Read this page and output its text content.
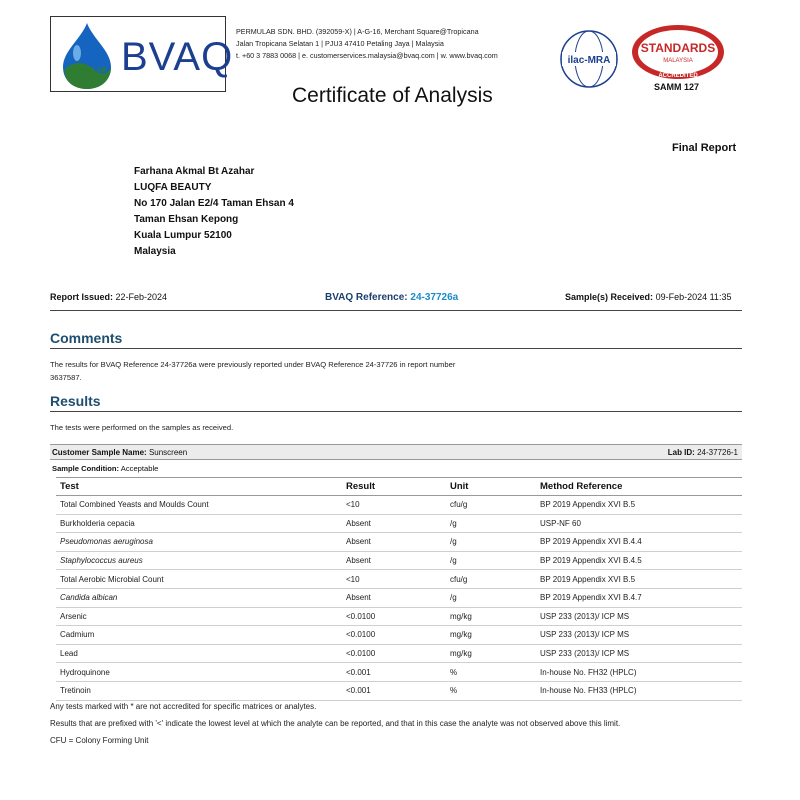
PERMULAB BVAQ
PERMULAB SDN. BHD. (392059-X) | A-G-16, Merchant Square@Tropicana
Jalan Tropicana Selatan 1 | PJU3 47410 Petaling Jaya | Malaysia
t. +60 3 7883 0068 | e. customerservices.malaysia@bvaq.com | w. www.bvaq.com	ilac-MRA
STANDARDS
MALAYSIA
ACCREDITED
SAMM 127
Certificate of Analysis
Final Report
Farhana Akmal Bt Azahar
LUQFA BEAUTY
No 170 Jalan E2/4 Taman Ehsan 4
Taman Ehsan Kepong
Kuala Lumpur 52100
Malaysia
Report Issued: 22-Feb-2024	BVAQ Reference: 24-37726a	Sample(s) Received: 09-Feb-2024 11:35
Comments
The results for BVAQ Reference 24-37726a were previously reported under BVAQ Reference 24-37726 in report number
3637587.
Results
The tests were performed on the samples as received.
Customer Sample Name: Sunscreen	Lab ID: 24-37726-1
Sample Condition: Acceptable
Test	Result	Unit	Method Reference
Total Combined Yeasts and Moulds Count	<10	cfu/g	BP 2019 Appendix XVI B.5
Burkholderia cepacia	Absent	/g	USP-NF 60
Pseudomonas aeruginosa	Absent	/g	BP 2019 Appendix XVI B.4.4
Staphylococcus aureus	Absent	/g	BP 2019 Appendix XVI B.4.5
Total Aerobic Microbial Count	<10	cfu/g	BP 2019 Appendix XVI B.5
Candida albican	Absent	/g	BP 2019 Appendix XVI B.4.7
Arsenic	<0.0100	mg/kg	USP 233 (2013)/ ICP MS
Cadmium	<0.0100	mg/kg	USP 233 (2013)/ ICP MS
Lead	<0.0100	mg/kg	USP 233 (2013)/ ICP MS
Hydroquinone	<0.001	%	In-house No. FH32 (HPLC)
Tretinoin	<0.001	%	In-house No. FH33 (HPLC)
Any tests marked with * are not accredited for specific matrices or analytes.
Results that are prefixed with '<' indicate the lowest level at which the analyte can be reported, and that in this case the analyte was not observed above this limit.
CFU = Colony Forming Unit
